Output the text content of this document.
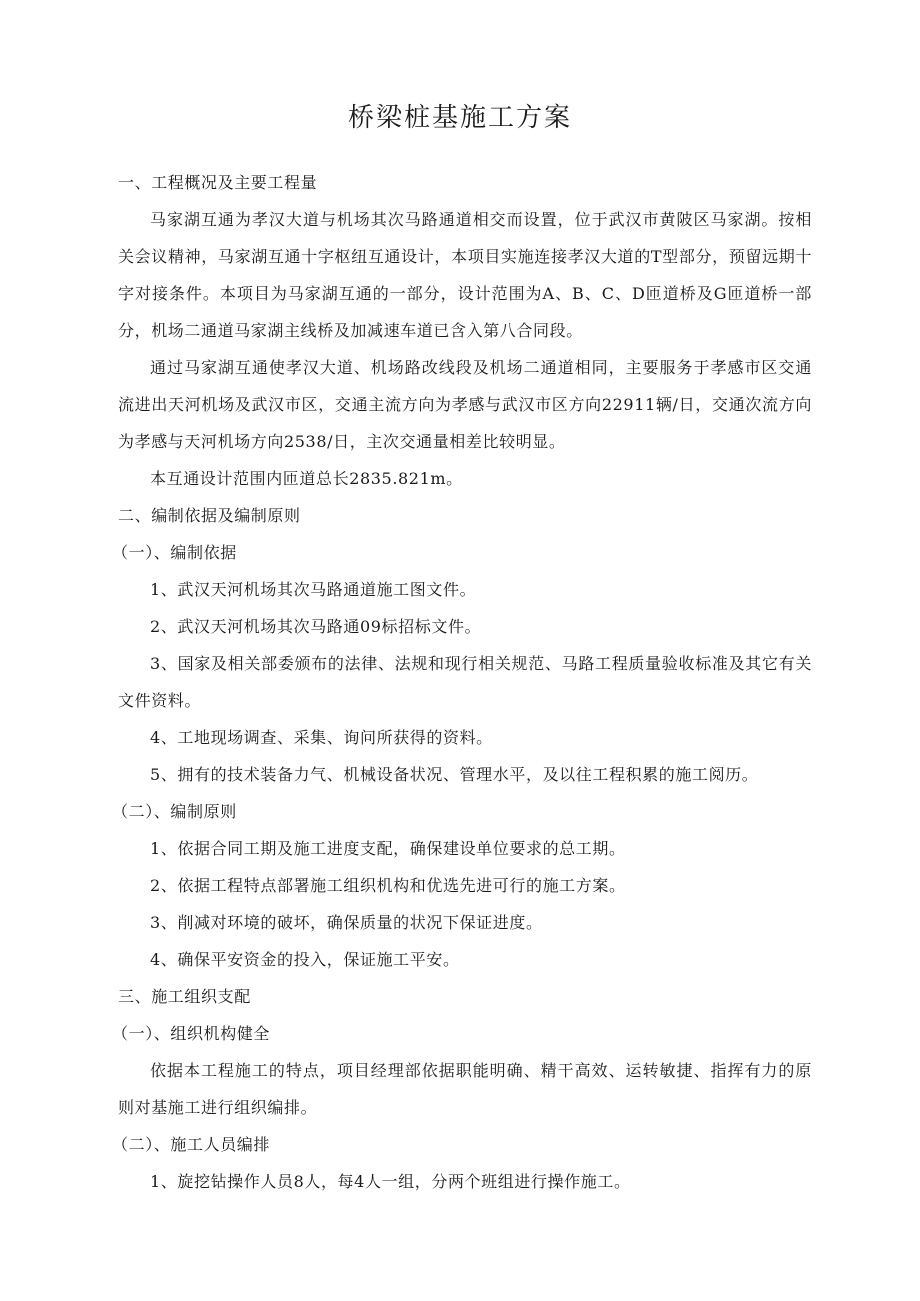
桥梁桩基施工方案

一、工程概况及主要工程量

马家湖互通为孝汉大道与机场其次马路通道相交而设置，位于武汉市黄陂区马家湖。按相关会议精神，马家湖互通十字枢纽互通设计，本项目实施连接孝汉大道的T型部分，预留远期十字对接条件。本项目为马家湖互通的一部分，设计范围为A、B、C、D匝道桥及G匝道桥一部分，机场二通道马家湖主线桥及加减速车道已含入第八合同段。

通过马家湖互通使孝汉大道、机场路改线段及机场二通道相同，主要服务于孝感市区交通流进出天河机场及武汉市区，交通主流方向为孝感与武汉市区方向22911辆/日，交通次流方向为孝感与天河机场方向2538/日，主次交通量相差比较明显。

本互通设计范围内匝道总长2835.821m。

二、编制依据及编制原则

（一）、编制依据

1、武汉天河机场其次马路通道施工图文件。

2、武汉天河机场其次马路通09标招标文件。

3、国家及相关部委颁布的法律、法规和现行相关规范、马路工程质量验收标准及其它有关文件资料。

4、工地现场调查、采集、询问所获得的资料。

5、拥有的技术装备力气、机械设备状况、管理水平，及以往工程积累的施工阅历。

（二）、编制原则

1、依据合同工期及施工进度支配，确保建设单位要求的总工期。

2、依据工程特点部署施工组织机构和优选先进可行的施工方案。

3、削减对环境的破坏，确保质量的状况下保证进度。

4、确保平安资金的投入，保证施工平安。

三、施工组织支配

（一）、组织机构健全

依据本工程施工的特点，项目经理部依据职能明确、精干高效、运转敏捷、指挥有力的原则对基施工进行组织编排。

（二）、施工人员编排

1、旋挖钻操作人员8人，每4人一组，分两个班组进行操作施工。
